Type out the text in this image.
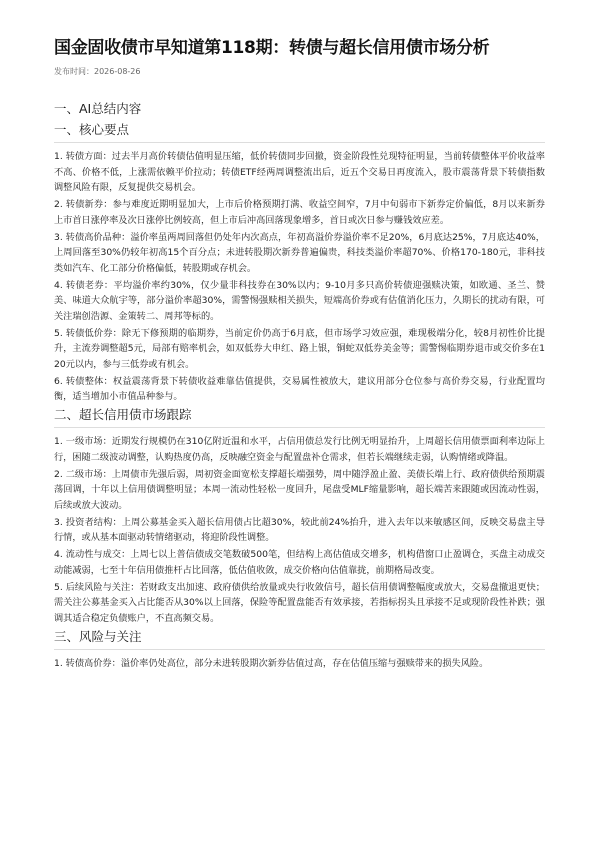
国金固收债市早知道第118期：转债与超长信用债市场分析
发布时间：2026-08-26
一、AI总结内容
一、核心要点

1. 转债方面：过去半月高价转债估值明显压缩，低价转债同步回撤，资金阶段性兑现特征明显，当前转债整体平价收益率不高、价格不低，上涨需依赖平价拉动；转债ETF经两周调整流出后，近五个交易日再度流入，股市震荡背景下转债指数调整风险有限，反复提供交易机会。

2. 转债新券：参与难度近期明显加大，上市后价格预期打满、收益空间窄，7月中旬弱市下新券定价偏低，8月以来新券上市首日涨停率及次日涨停比例较高，但上市后冲高回落现象增多，首日或次日参与赚钱效应差。

3. 转债高价品种：溢价率虽两周回落但仍处年内次高点，年初高溢价券溢价率不足20%，6月底达25%，7月底达40%，上周回落至30%仍较年初高15个百分点；未进转股期次新券普遍偏贵，科技类溢价率超70%、价格170-180元，非科技类如汽车、化工部分价格偏低，转股期或存机会。

4. 转债老券：平均溢价率约30%，仅少量非科技券在30%以内；9-10月多只高价转债迎强赎决策，如欧通、圣兰、赞美、味道大众航宇等，部分溢价率超30%，需警惕强赎相关损失，短端高价券或有估值消化压力，久期长的扰动有限，可关注瑞创浩源、金策转二、周邦等标的。

5. 转债低价券：除无下修预期的临期券，当前定价仍高于6月底，但市场学习效应强，难现极端分化，较8月初性价比提升，主流券调整超5元，局部有赔率机会，如双低券大申红、路上银，铜蛇双低券美金等；需警惕临期券退市或交价多在120元以内，参与三低券或有机会。

6. 转债整体：权益震荡背景下转债收益难靠估值提供，交易属性被放大，建议用部分仓位参与高价券交易，行业配置均衡，适当增加小市值品种参与。

二、超长信用债市场跟踪

1. 一级市场：近期发行规模仍在310亿附近温和水平，占信用债总发行比例无明显抬升，上周超长信用债票面利率边际上行，困随二级波动调整，认购热度仍高，反映融空资金与配置盘补仓需求，但若长端继续走弱，认购情绪或降温。

2. 二级市场：上周债市先强后弱，周初资金面宽松支撑超长端强势，周中随浮盈止盈、美债长端上行、政府债供给预期震荡回调，十年以上信用债调整明显；本周一流动性轻松一度回升，尾盘受MLF缩量影响，超长端苦来跟随或因流动性弱，后续或放大波动。

3. 投资者结构：上周公募基金买入超长信用债占比超30%，较此前24%抬升，进入去年以来敏感区间，反映交易盘主导行情，或从基本面驱动转情绪驱动，将迎阶段性调整。

4. 流动性与成交：上周七以上普信债成交笔数破500笔，但结构上高估值成交增多，机构借窗口止盈调仓，买盘主动成交动能减弱，七至十年信用债推杆占比回落，低估值收敛，成交价格向估值靠拢，前期格局改变。

5. 后续风险与关注：若财政支出加速、政府债供给放量或央行收敛信号，超长信用债调整幅度或放大，交易盘撤退更快；需关注公募基金买入占比能否从30%以上回落，保险等配置盘能否有效承接，若指标拐头且承接不足或现阶段性补跌；强调其适合稳定负债账户，不直高频交易。

三、风险与关注

1. 转债高价券：溢价率仍处高位，部分未进转股期次新券估值过高，存在估值压缩与强赎带来的损失风险。
